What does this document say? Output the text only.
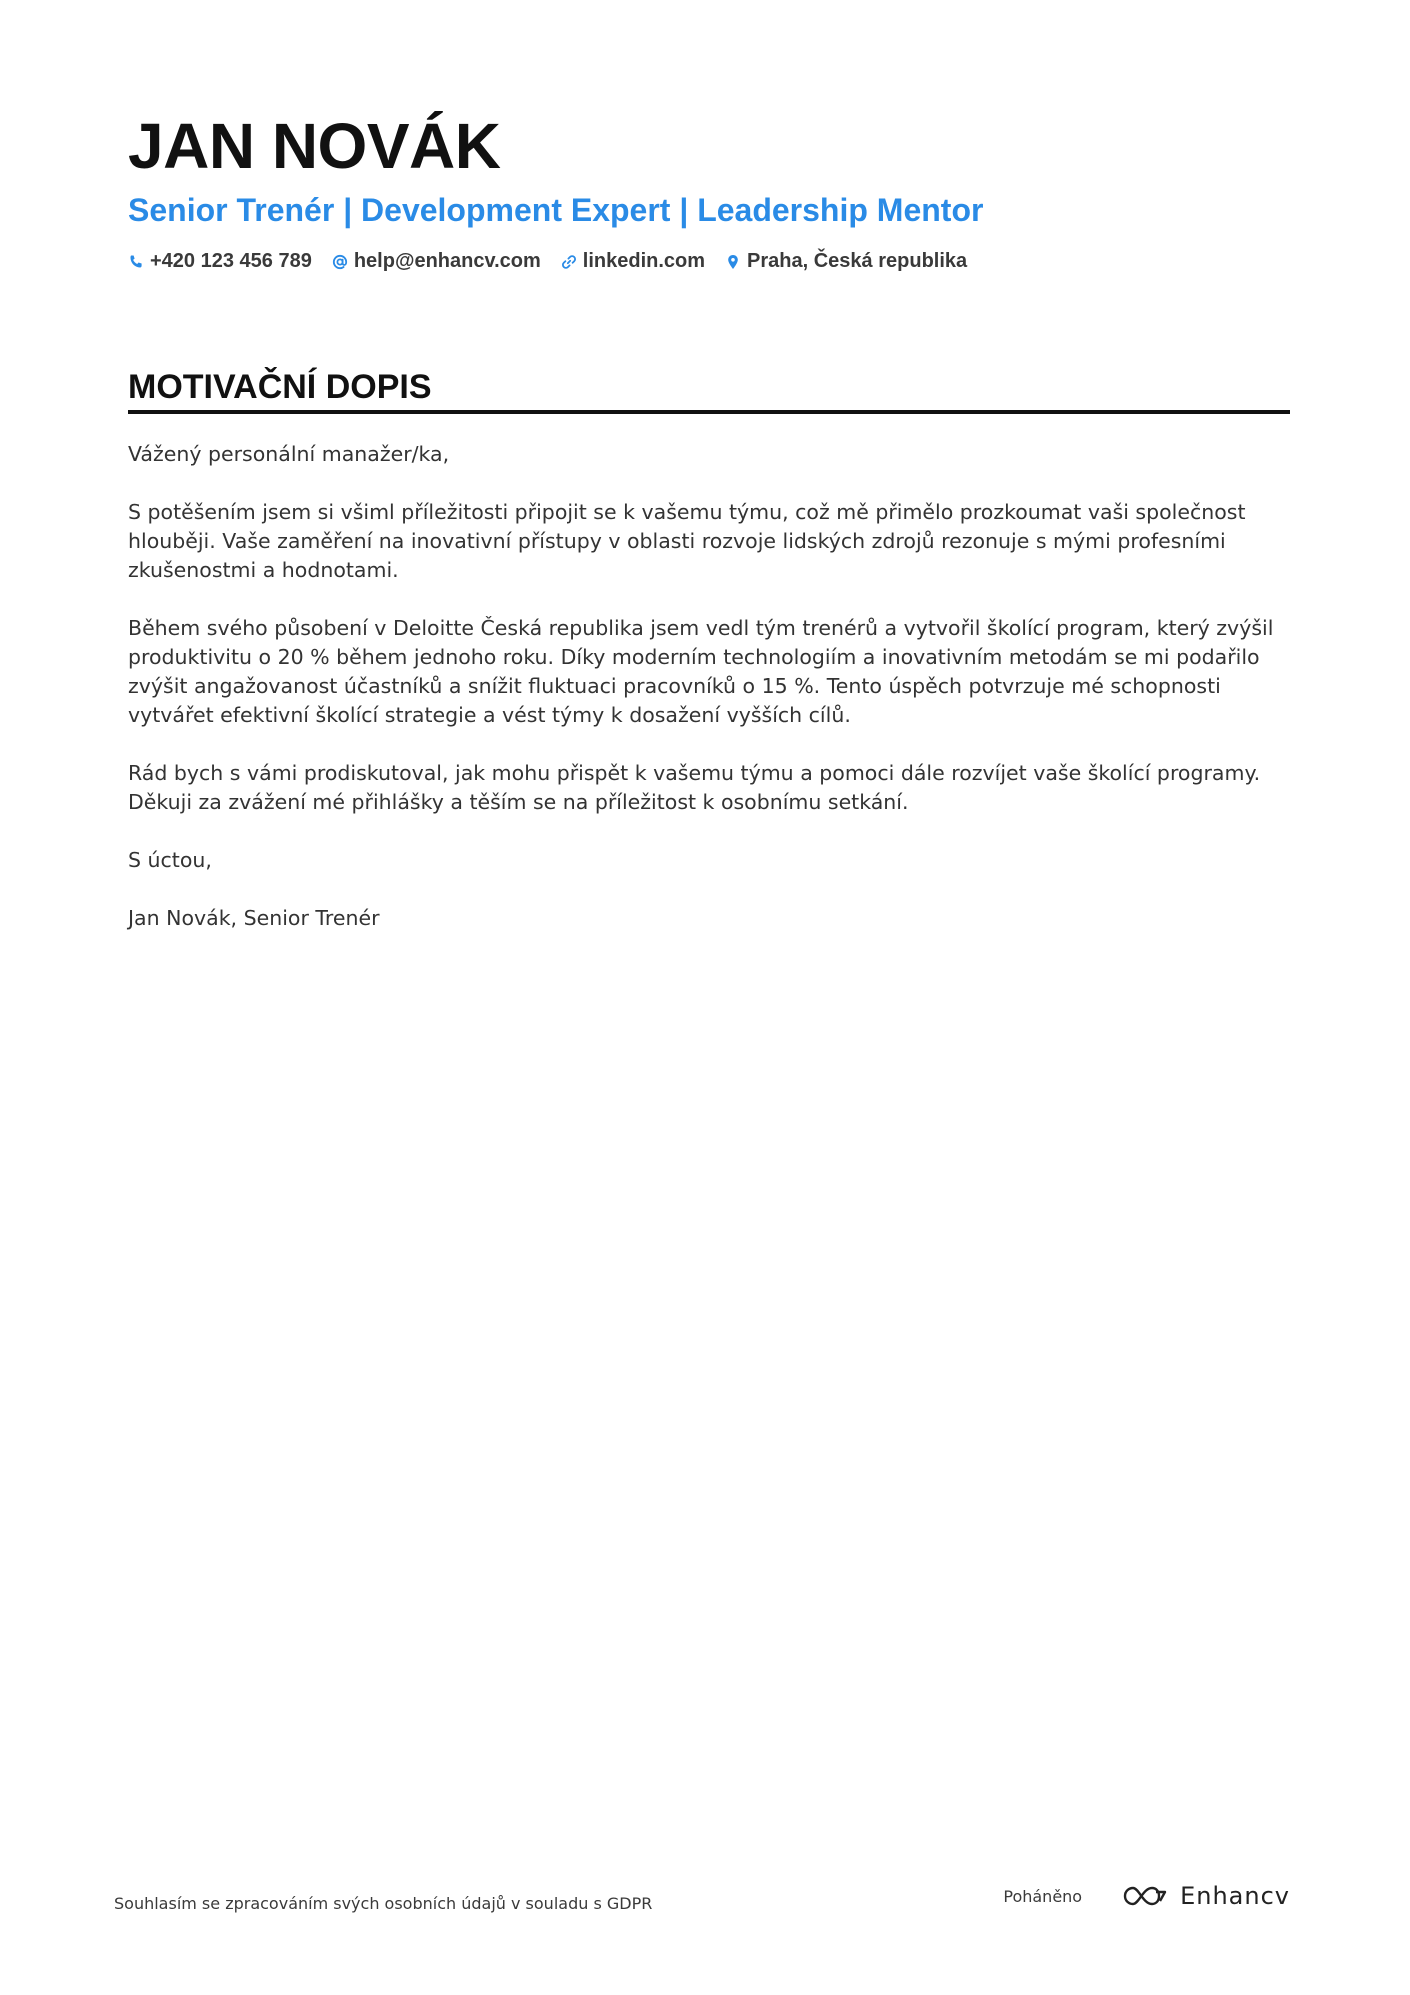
JAN NOVÁK
Senior Trenér | Development Expert | Leadership Mentor
+420 123 456 789 help@enhancv.com linkedin.com Praha, Česká republika
MOTIVAČNÍ DOPIS

Vážený personální manažer/ka,

S potěšením jsem si všiml příležitosti připojit se k vašemu týmu, což mě přimělo prozkoumat vaši společnost hlouběji. Vaše zaměření na inovativní přístupy v oblasti rozvoje lidských zdrojů rezonuje s mými profesními zkušenostmi a hodnotami.

Během svého působení v Deloitte Česká republika jsem vedl tým trenérů a vytvořil školící program, který zvýšil produktivitu o 20 % během jednoho roku. Díky moderním technologiím a inovativním metodám se mi podařilo zvýšit angažovanost účastníků a snížit fluktuaci pracovníků o 15 %. Tento úspěch potvrzuje mé schopnosti vytvářet efektivní školící strategie a vést týmy k dosažení vyšších cílů.

Rád bych s vámi prodiskutoval, jak mohu přispět k vašemu týmu a pomoci dále rozvíjet vaše školící programy. Děkuji za zvážení mé přihlášky a těším se na příležitost k osobnímu setkání.

S úctou,

Jan Novák, Senior Trenér

Souhlasím se zpracováním svých osobních údajů v souladu s GDPR	Poháněno	Enhancv
